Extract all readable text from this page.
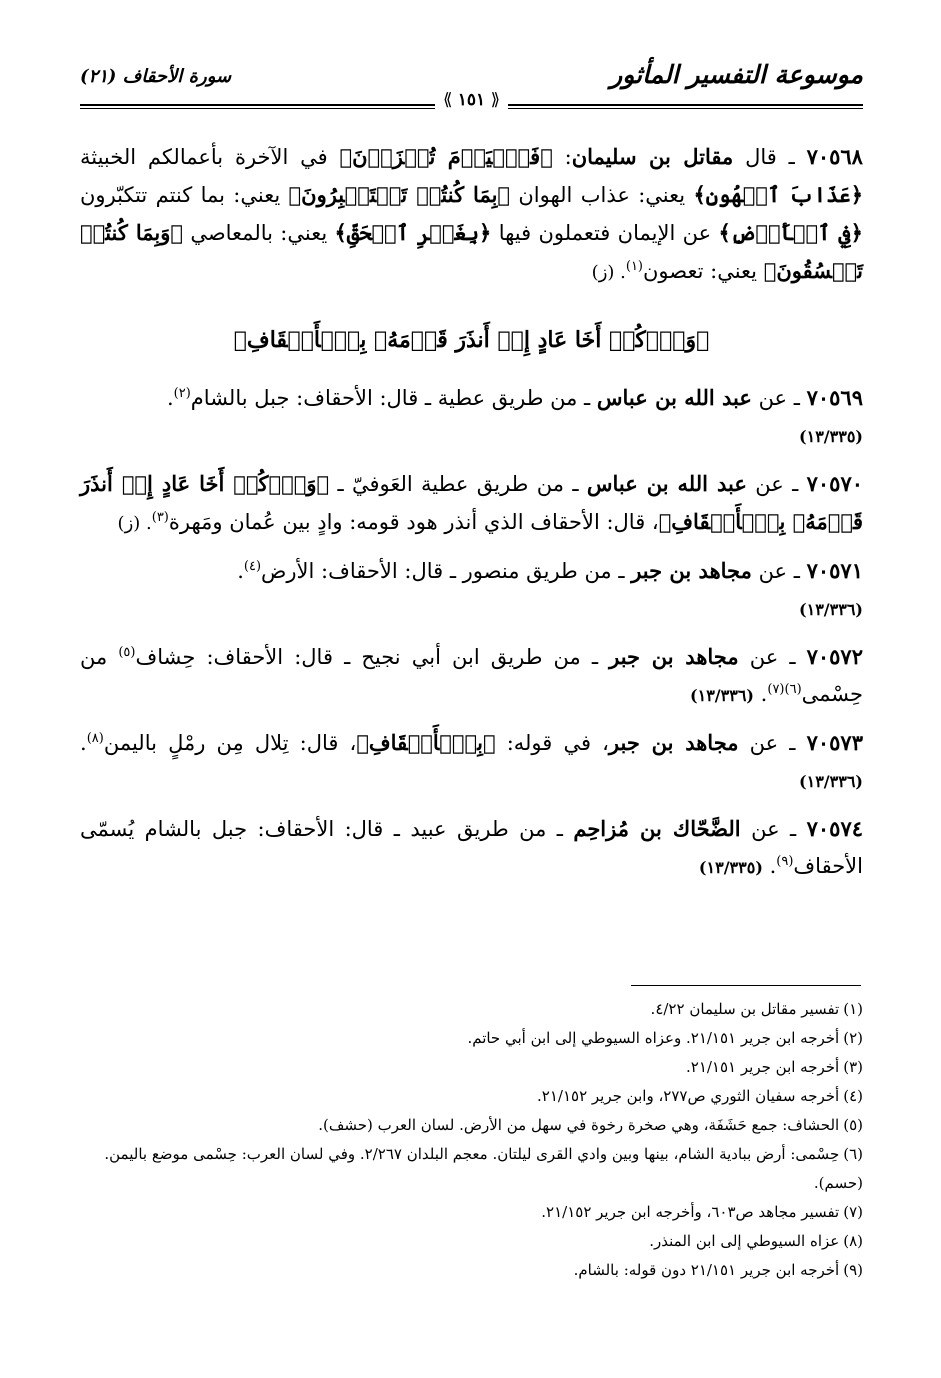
موسوعة التفسير المأثور
سورة الأحقاف (٢١)
⟪ ١٥١ ⟫

٧٠٥٦٨ ـ قال مقاتل بن سليمان: ﴿فَٱلۡيَوۡمَ تُجۡزَوۡنَ﴾ في الآخرة بأعمالكم الخبيثة ﴿عَذَابَ ٱلۡهُونِ﴾ يعني: عذاب الهوان ﴿بِمَا كُنتُمۡ تَسۡتَكۡبِرُونَ﴾ يعني: بما كنتم تتكبّرون ﴿فِي ٱلۡأَرۡضِ﴾ عن الإيمان فتعملون فيها ﴿بِغَيۡرِ ٱلۡحَقِّ﴾ يعني: بالمعاصي ﴿وَبِمَا كُنتُمۡ تَفۡسُقُونَ﴾ يعني: تعصون$^{(١)}$. (ز)

﴿وَٱذۡكُرۡ أَخَا عَادٍ إِذۡ أَنذَرَ قَوۡمَهُۥ بِٱلۡأَحۡقَافِ﴾

٧٠٥٦٩ ـ عن عبد الله بن عباس ـ من طريق عطية ـ قال: الأحقاف: جبل بالشام$^{(٢)}$.
(١٣/٣٣٥)

٧٠٥٧٠ ـ عن عبد الله بن عباس ـ من طريق عطية العَوفيّ ـ ﴿وَٱذۡكُرۡ أَخَا عَادٍ إِذۡ أَنذَرَ قَوۡمَهُۥ بِٱلۡأَحۡقَافِ﴾، قال: الأحقاف الذي أنذر هود قومه: وادٍ بين عُمان ومَهرة$^{(٣)}$. (ز)

٧٠٥٧١ ـ عن مجاهد بن جبر ـ من طريق منصور ـ قال: الأحقاف: الأرض$^{(٤)}$.
(١٣/٣٣٦)

٧٠٥٧٢ ـ عن مجاهد بن جبر ـ من طريق ابن أبي نجيح ـ قال: الأحقاف: حِشاف$^{(٥)}$ من حِسْمى$^{(٦)(٧)}$. (١٣/٣٣٦)

٧٠٥٧٣ ـ عن مجاهد بن جبر، في قوله: ﴿بِٱلۡأَحۡقَافِ﴾، قال: تِلال مِن رمْلٍ باليمن$^{(٨)}$. (١٣/٣٣٦)

٧٠٥٧٤ ـ عن الضَّحّاك بن مُزاحِم ـ من طريق عبيد ـ قال: الأحقاف: جبل بالشام يُسمّى الأحقاف$^{(٩)}$. (١٣/٣٣٥)

(١)تفسير مقاتل بن سليمان ٤/٢٢.

(٢)أخرجه ابن جرير ٢١/١٥١. وعزاه السيوطي إلى ابن أبي حاتم.

(٣)أخرجه ابن جرير ٢١/١٥١.

(٤)أخرجه سفيان الثوري ص٢٧٧، وابن جرير ٢١/١٥٢.

(٥)الحشاف: جمع حَشَفَة، وهي صخرة رخوة في سهل من الأرض. لسان العرب (حشف).

(٦)حِسْمى: أرض ببادية الشام، بينها وبين وادي القرى ليلتان. معجم البلدان ٢/٢٦٧. وفي لسان العرب: حِسْمى موضع باليمن. (حسم).

(٧)تفسير مجاهد ص٦٠٣، وأخرجه ابن جرير ٢١/١٥٢.

(٨)عزاه السيوطي إلى ابن المنذر.

(٩)أخرجه ابن جرير ٢١/١٥١ دون قوله: بالشام.
